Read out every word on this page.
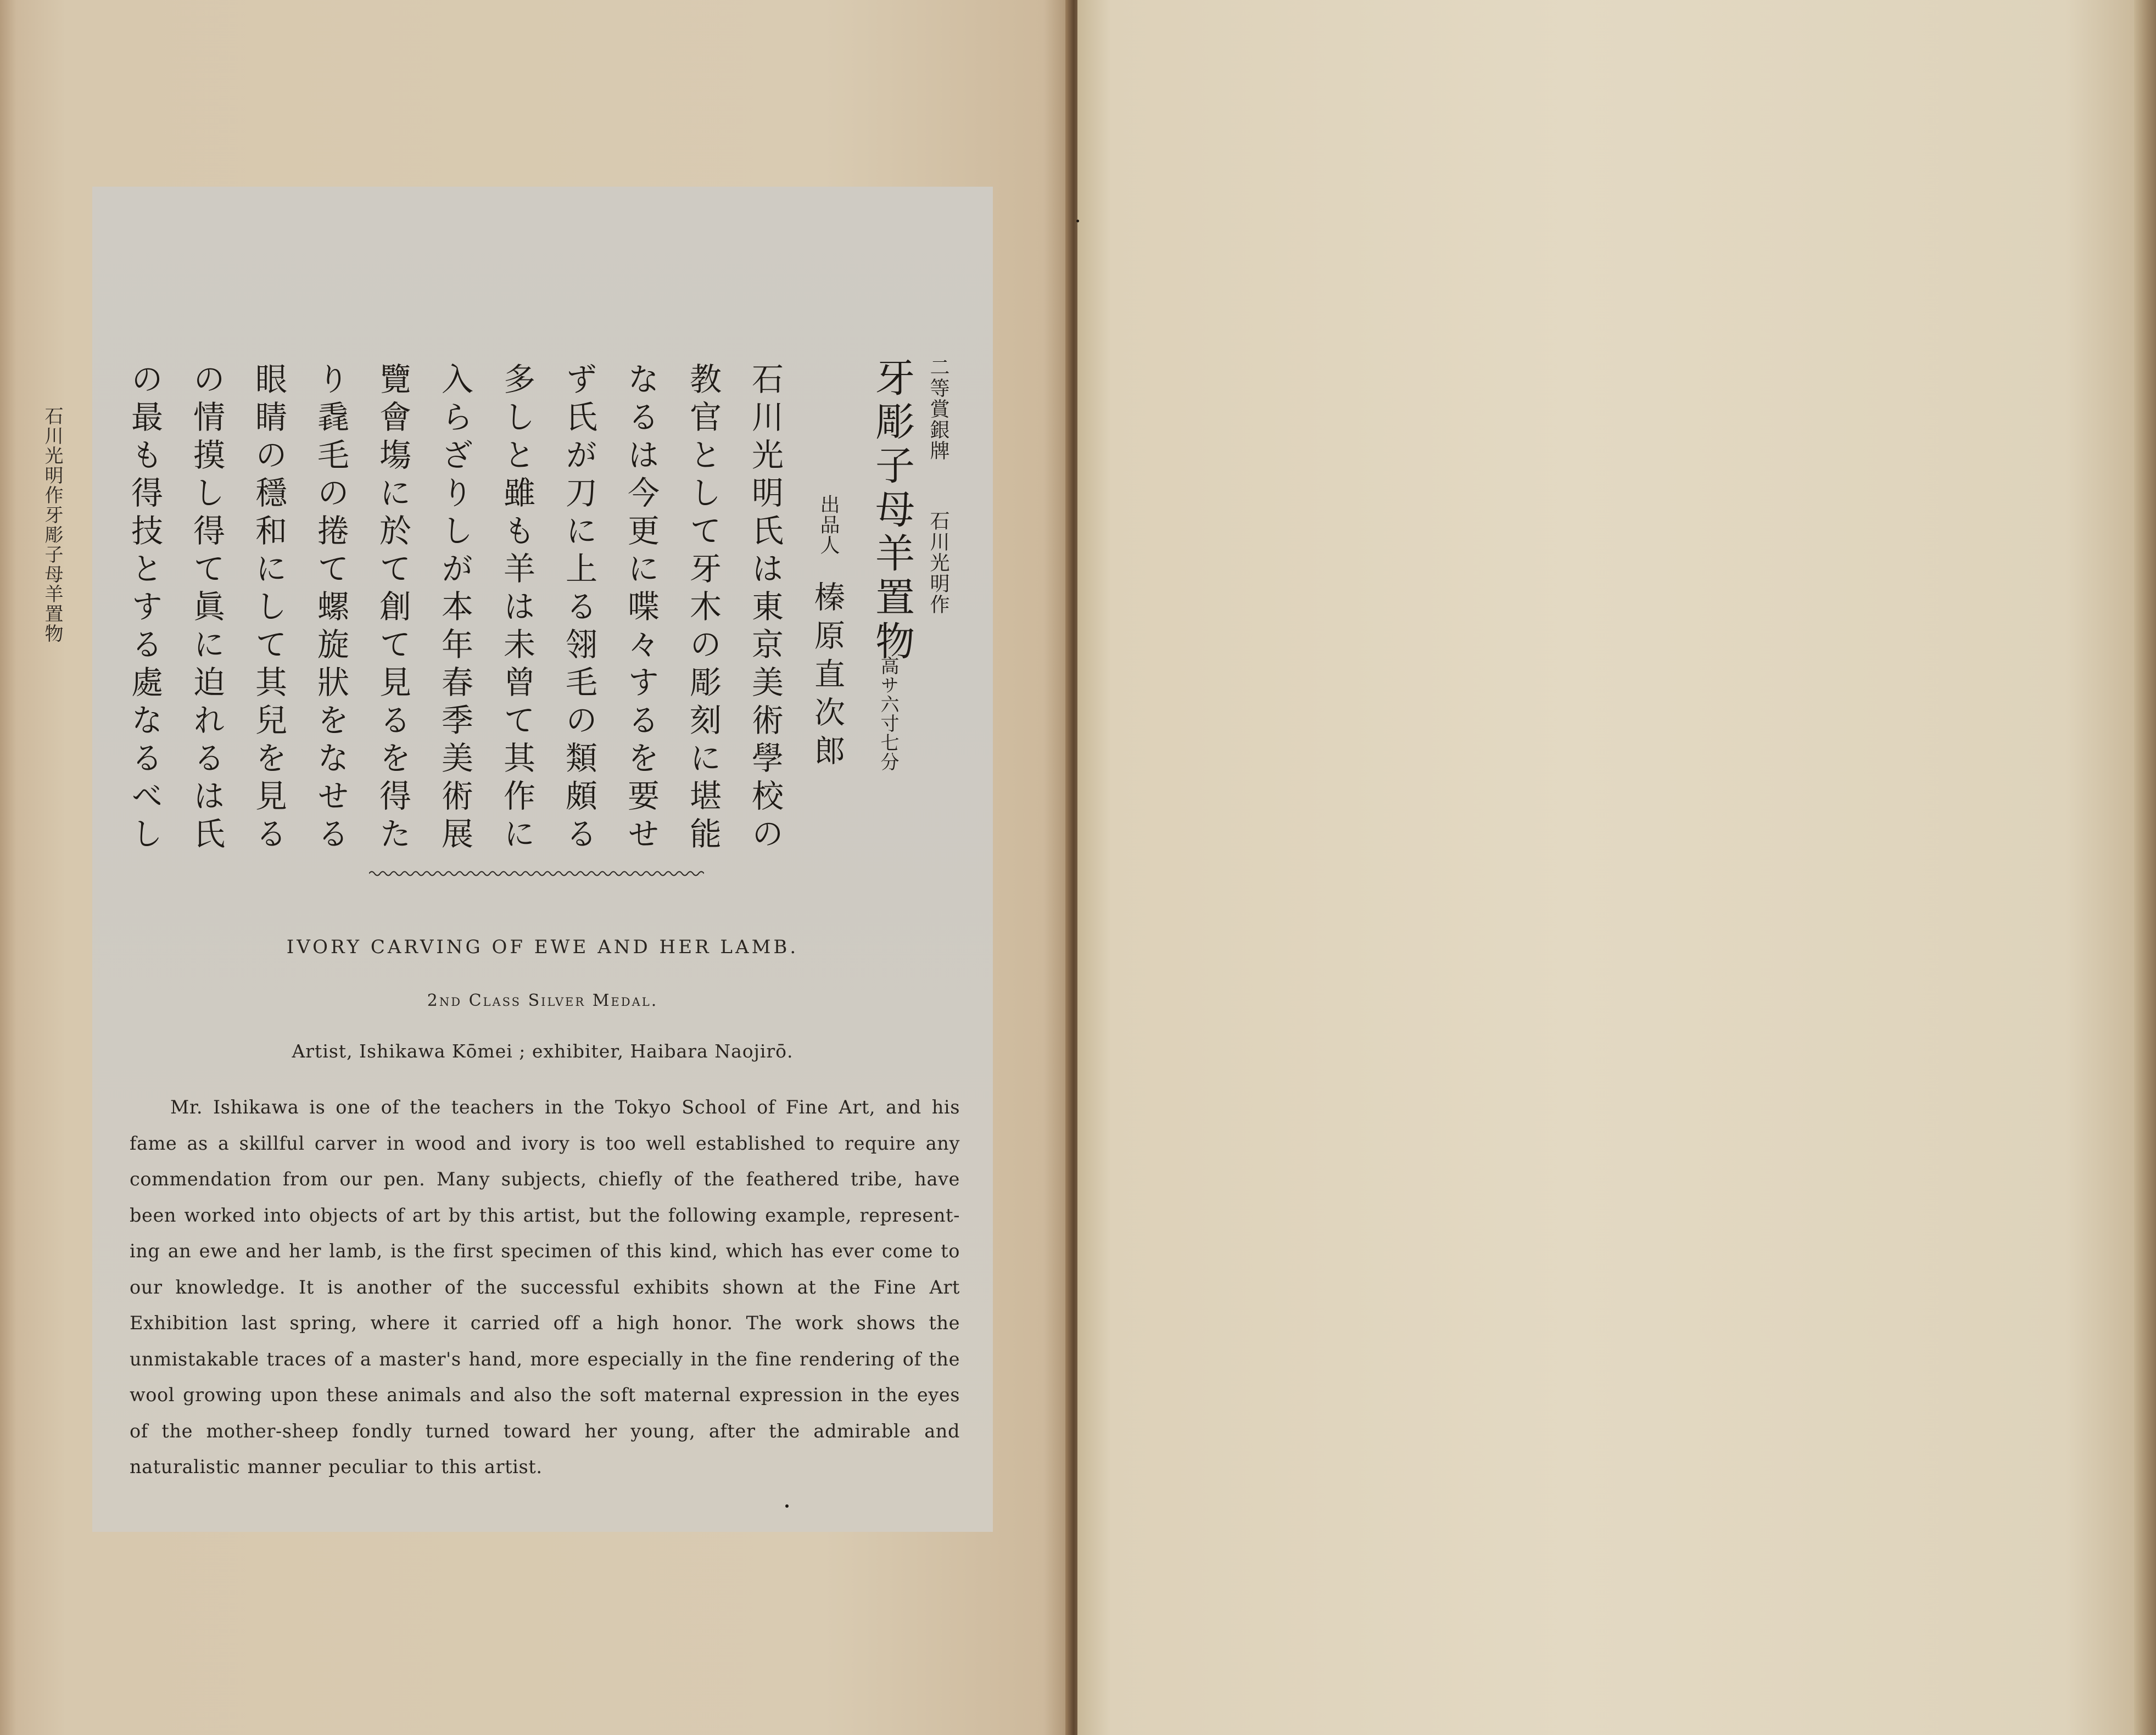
石川光明作牙彫子母羊置物	二等賞銀牌
石川光明作
牙彫子母羊置物
高サ六寸七分
出品人
榛原直次郎
石川光明氏は東京美術學校の
教官として牙木の彫刻に堪能
なるは今更に喋々するを要せ
ず氏が刀に上る翎毛の類頗る
多しと雖も羊は未曾て其作に
入らざりしが本年春季美術展
覽會塲に於て創て見るを得た
り毳毛の捲て螺旋狀をなせる
眼睛の穩和にして其兒を見る
の情摸し得て眞に迫れるは氏
の最も得技とする處なるべし
IVORY CARVING OF EWE AND HER LAMB.
2nd Class Silver Medal.
Artist, Ishikawa Kōmei ; exhibiter, Haibara Naojirō.
Mr. Ishikawa is one of the teachers in the Tokyo School of Fine Art, and his
fame as a skillful carver in wood and ivory is too well established to require any
commendation from our pen. Many subjects, chiefly of the feathered tribe, have
been worked into objects of art by this artist, but the following example, represent-
ing an ewe and her lamb, is the first specimen of this kind, which has ever come to
our knowledge. It is another of the successful exhibits shown at the Fine Art
Exhibition last spring, where it carried off a high honor. The work shows the
unmistakable traces of a master's hand, more especially in the fine rendering of the
wool growing upon these animals and also the soft maternal expression in the eyes
of the mother-sheep fondly turned toward her young, after the admirable and
naturalistic manner peculiar to this artist.
